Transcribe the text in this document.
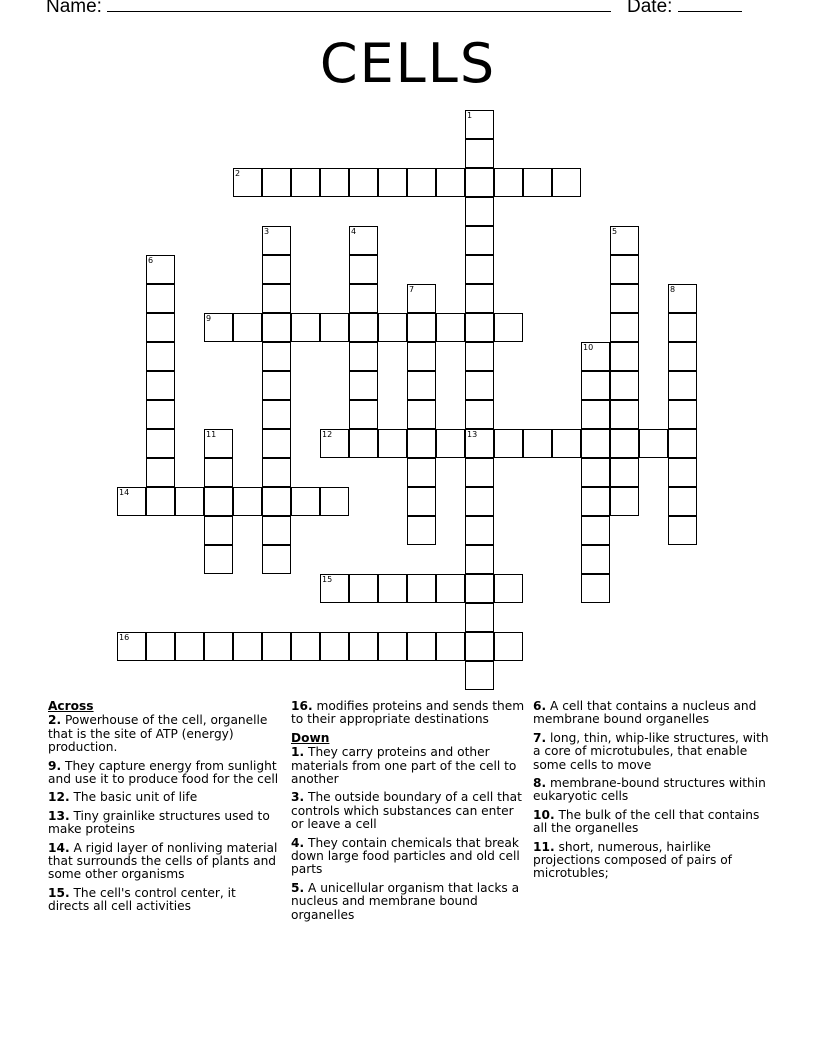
Name:	Date:
CELLS
1
13
2
3	4	5
6
7	8
9
10
11	12
14
15
16
Across
2. Powerhouse of the cell, organelle that is the site of ATP (energy) production.
9. They capture energy from sunlight and use it to produce food for the cell
12. The basic unit of life
13. Tiny grainlike structures used to make proteins
14. A rigid layer of nonliving material that surrounds the cells of plants and some other organisms
15. The cell's control center, it directs all cell activities
16. modifies proteins and sends them to their appropriate destinations
Down
1. They carry proteins and other materials from one part of the cell to another
3. The outside boundary of a cell that controls which substances can enter or leave a cell
4. They contain chemicals that break down large food particles and old cell parts
5. A unicellular organism that lacks a nucleus and membrane bound organelles
6. A cell that contains a nucleus and membrane bound organelles
7. long, thin, whip-like structures, with a core of microtubules, that enable some cells to move
8. membrane-bound structures within eukaryotic cells
10. The bulk of the cell that contains all the organelles
11. short, numerous, hairlike projections composed of pairs of microtubles;
